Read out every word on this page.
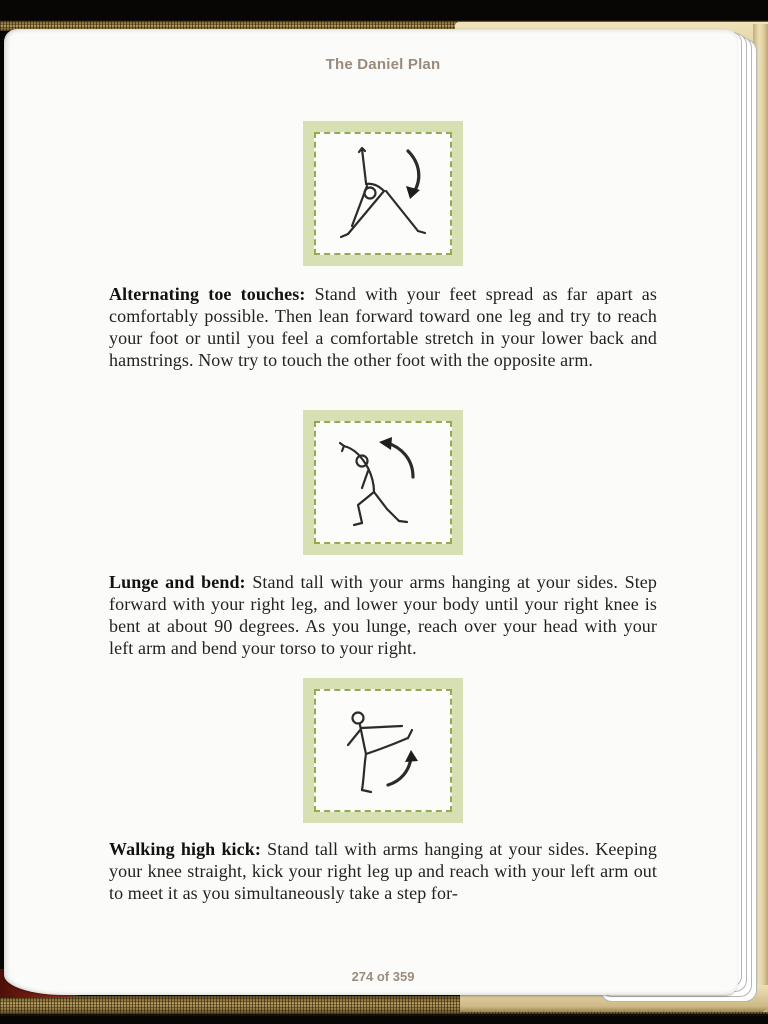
The Daniel Plan

Alternating toe touches: Stand with your feet spread as far apart as comfortably possible. Then lean forward toward one leg and try to reach your foot or until you feel a comfortable stretch in your lower back and hamstrings. Now try to touch the other foot with the opposite arm.

Lunge and bend: Stand tall with your arms hanging at your sides. Step forward with your right leg, and lower your body until your right knee is bent at about 90 degrees. As you lunge, reach over your head with your left arm and bend your torso to your right.

Walking high kick: Stand tall with arms hanging at your sides. Keeping your knee straight, kick your right leg up and reach with your left arm out to meet it as you simultaneously take a step for-

274 of 359
